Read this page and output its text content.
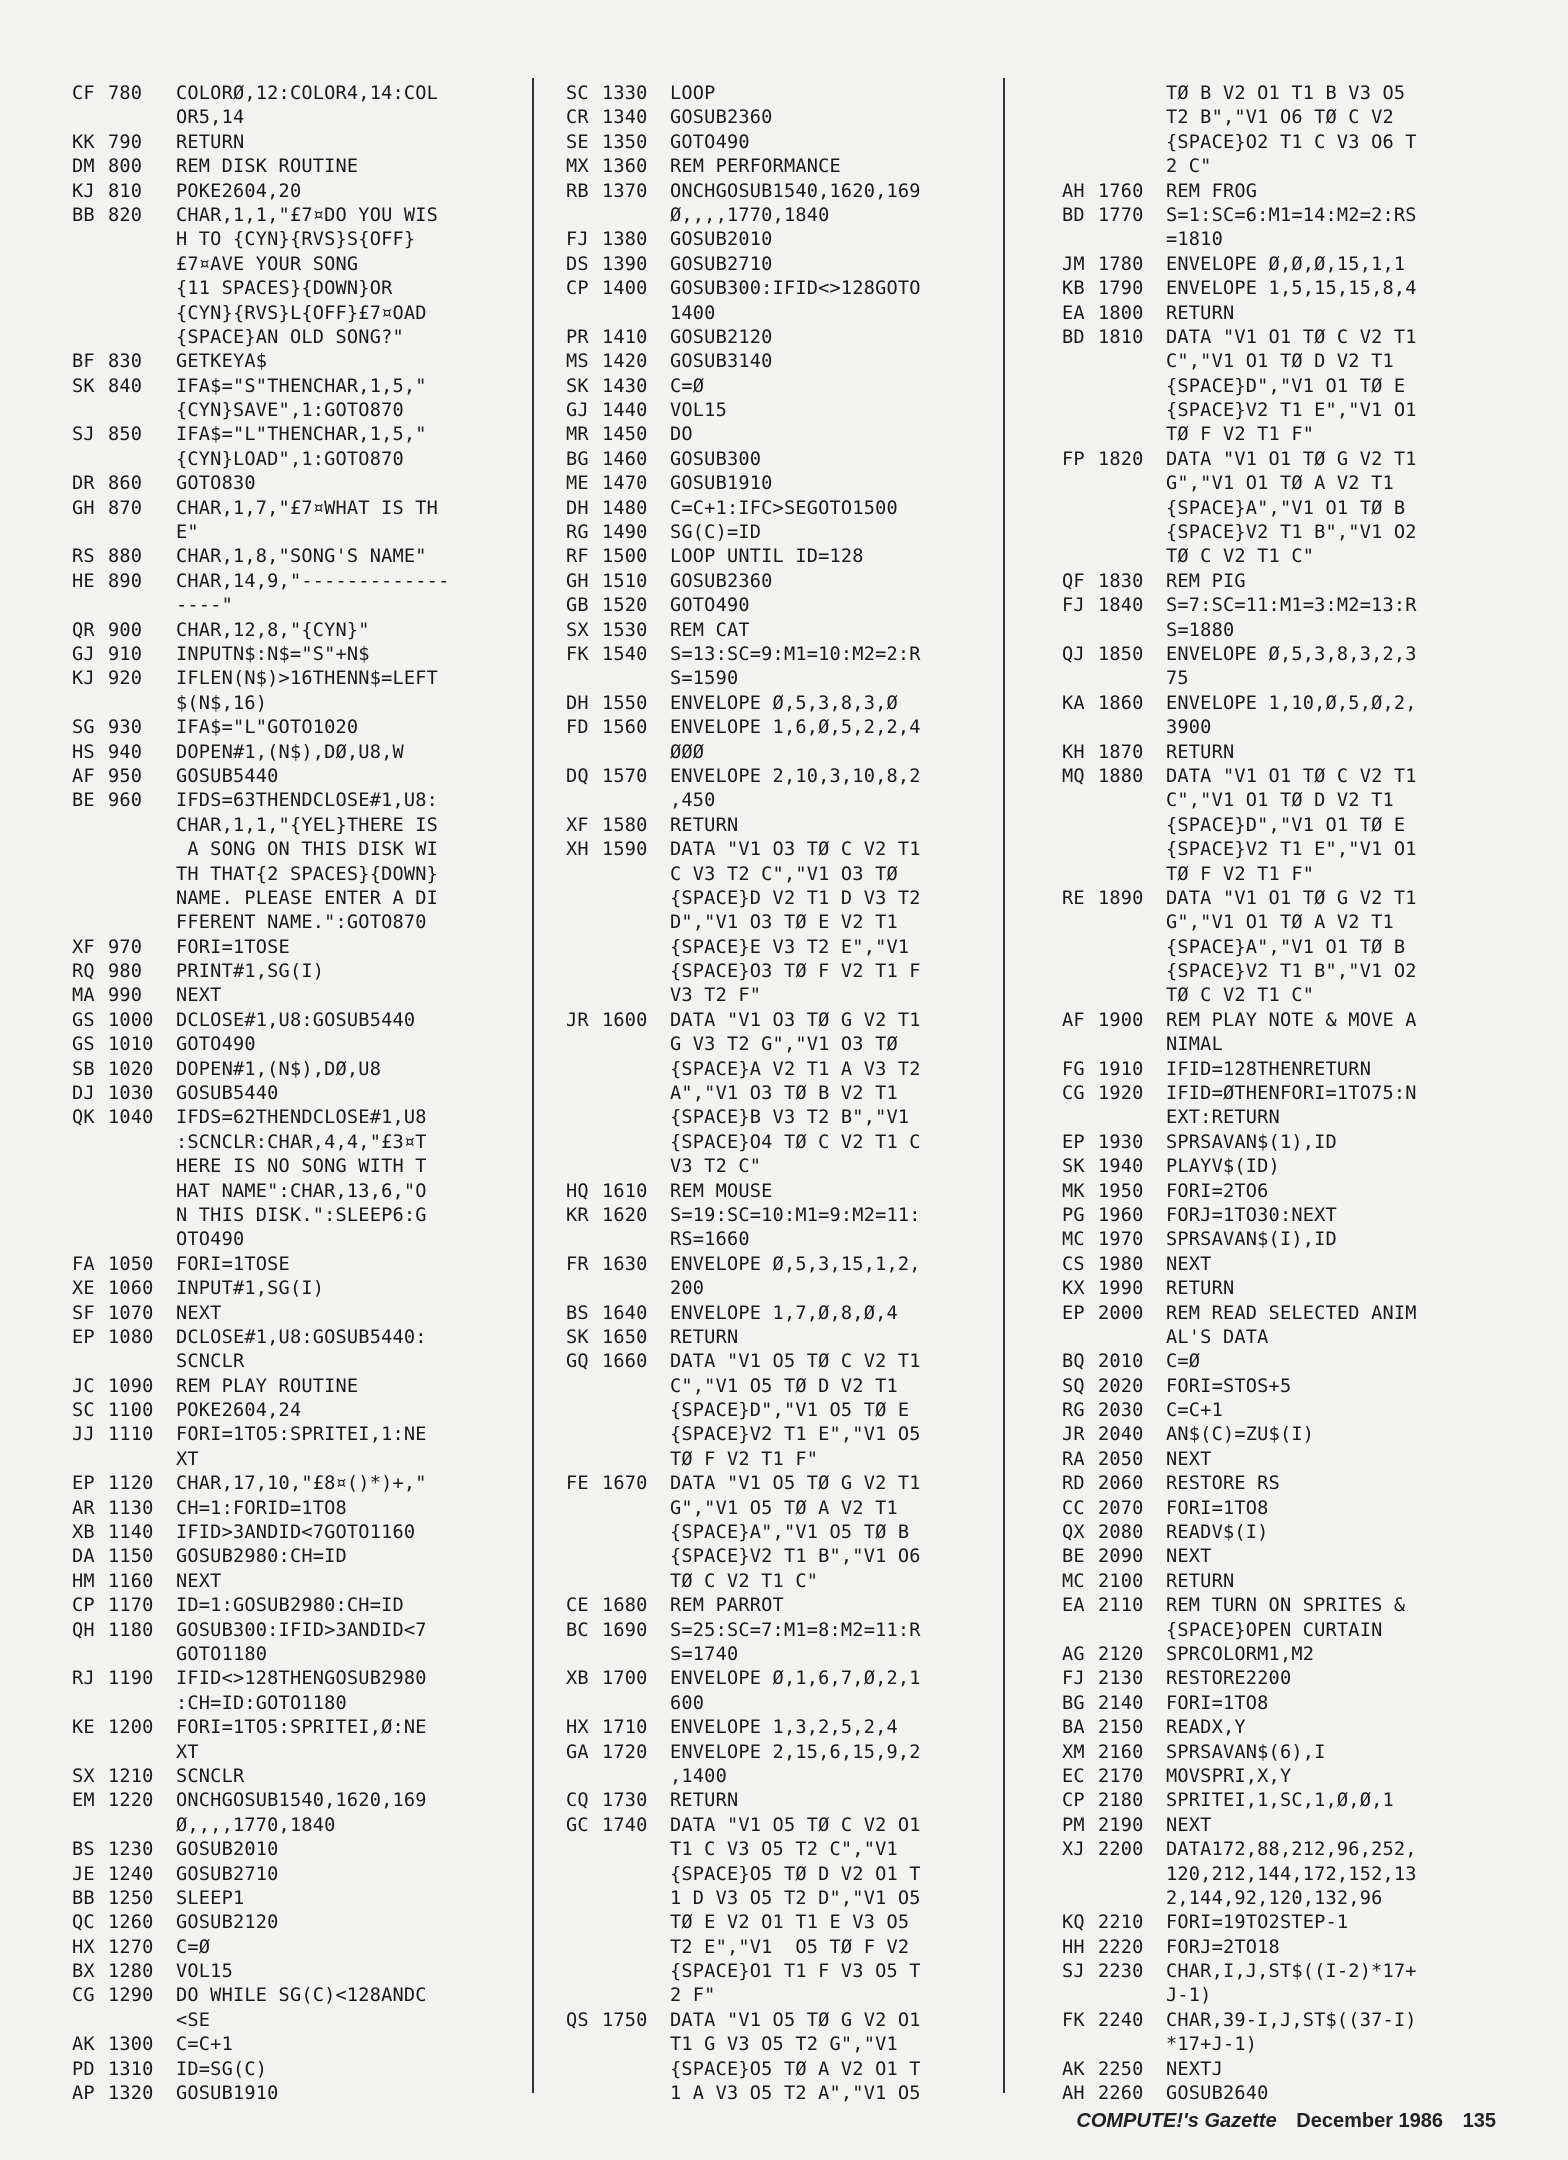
CF 780	COLORØ,12:COLOR4,14:COL
OR5,14
KK 790	RETURN
DM 800	REM DISK ROUTINE
KJ 810	POKE2604,20
BB 820	CHAR,1,1,"£7¤DO YOU WIS
H TO {CYN}{RVS}S{OFF}
£7¤AVE YOUR SONG
{11 SPACES}{DOWN}OR
{CYN}{RVS}L{OFF}£7¤OAD
{SPACE}AN OLD SONG?"
BF 830	GETKEYA$
SK 840	IFA$="S"THENCHAR,1,5,"
{CYN}SAVE",1:GOTO870
SJ 850	IFA$="L"THENCHAR,1,5,"
{CYN}LOAD",1:GOTO870
DR 860	GOTO830
GH 870	CHAR,1,7,"£7¤WHAT IS TH
E"
RS 880	CHAR,1,8,"SONG'S NAME"
HE 890	CHAR,14,9,"-------------
----"
QR 900	CHAR,12,8,"{CYN}"
GJ 910	INPUTN$:N$="S"+N$
KJ 920	IFLEN(N$)>16THENN$=LEFT
$(N$,16)
SG 930	IFA$="L"GOTO1020
HS 940	DOPEN#1,(N$),DØ,U8,W
AF 950	GOSUB5440
BE 960	IFDS=63THENDCLOSE#1,U8:
CHAR,1,1,"{YEL}THERE IS
A SONG ON THIS DISK WI
TH THAT{2 SPACES}{DOWN}
NAME. PLEASE ENTER A DI
FFERENT NAME.":GOTO870
XF 970	FORI=1TOSE
RQ 980	PRINT#1,SG(I)
MA 990	NEXT
GS 1000	DCLOSE#1,U8:GOSUB5440
GS 1010	GOTO490
SB 1020	DOPEN#1,(N$),DØ,U8
DJ 1030	GOSUB5440
QK 1040	IFDS=62THENDCLOSE#1,U8
:SCNCLR:CHAR,4,4,"£3¤T
HERE IS NO SONG WITH T
HAT NAME":CHAR,13,6,"O
N THIS DISK.":SLEEP6:G
OTO490
FA 1050	FORI=1TOSE
XE 1060	INPUT#1,SG(I)
SF 1070	NEXT
EP 1080	DCLOSE#1,U8:GOSUB5440:
SCNCLR
JC 1090	REM PLAY ROUTINE
SC 1100	POKE2604,24
JJ 1110	FORI=1TO5:SPRITEI,1:NE
XT
EP 1120	CHAR,17,10,"£8¤()*)+,"
AR 1130	CH=1:FORID=1TO8
XB 1140	IFID>3ANDID<7GOTO1160
DA 1150	GOSUB2980:CH=ID
HM 1160	NEXT
CP 1170	ID=1:GOSUB2980:CH=ID
QH 1180	GOSUB300:IFID>3ANDID<7
GOTO1180
RJ 1190	IFID<>128THENGOSUB2980
:CH=ID:GOTO1180
KE 1200	FORI=1TO5:SPRITEI,Ø:NE
XT
SX 1210	SCNCLR
EM 1220	ONCHGOSUB1540,1620,169
Ø,,,,1770,1840
BS 1230	GOSUB2010
JE 1240	GOSUB2710
BB 1250	SLEEP1
QC 1260	GOSUB2120
HX 1270	C=Ø
BX 1280	VOL15
CG 1290	DO WHILE SG(C)<128ANDC
<SE
AK 1300	C=C+1
PD 1310	ID=SG(C)
AP 1320	GOSUB1910
SC 1330	LOOP
CR 1340	GOSUB2360
SE 1350	GOTO490
MX 1360	REM PERFORMANCE
RB 1370	ONCHGOSUB1540,1620,169
Ø,,,,1770,1840
FJ 1380	GOSUB2010
DS 1390	GOSUB2710
CP 1400	GOSUB300:IFID<>128GOTO
1400
PR 1410	GOSUB2120
MS 1420	GOSUB3140
SK 1430	C=Ø
GJ 1440	VOL15
MR 1450	DO
BG 1460	GOSUB300
ME 1470	GOSUB1910
DH 1480	C=C+1:IFC>SEGOTO1500
RG 1490	SG(C)=ID
RF 1500	LOOP UNTIL ID=128
GH 1510	GOSUB2360
GB 1520	GOTO490
SX 1530	REM CAT
FK 1540	S=13:SC=9:M1=10:M2=2:R
S=1590
DH 1550	ENVELOPE Ø,5,3,8,3,Ø
FD 1560	ENVELOPE 1,6,Ø,5,2,2,4
ØØØ
DQ 1570	ENVELOPE 2,10,3,10,8,2
,450
XF 1580	RETURN
XH 1590	DATA "V1 O3 TØ C V2 T1
C V3 T2 C","V1 O3 TØ
{SPACE}D V2 T1 D V3 T2
D","V1 O3 TØ E V2 T1
{SPACE}E V3 T2 E","V1
{SPACE}O3 TØ F V2 T1 F
V3 T2 F"
JR 1600	DATA "V1 O3 TØ G V2 T1
G V3 T2 G","V1 O3 TØ
{SPACE}A V2 T1 A V3 T2
A","V1 O3 TØ B V2 T1
{SPACE}B V3 T2 B","V1
{SPACE}O4 TØ C V2 T1 C
V3 T2 C"
HQ 1610	REM MOUSE
KR 1620	S=19:SC=10:M1=9:M2=11:
RS=1660
FR 1630	ENVELOPE Ø,5,3,15,1,2,
200
BS 1640	ENVELOPE 1,7,Ø,8,Ø,4
SK 1650	RETURN
GQ 1660	DATA "V1 O5 TØ C V2 T1
C","V1 O5 TØ D V2 T1
{SPACE}D","V1 O5 TØ E
{SPACE}V2 T1 E","V1 O5
TØ F V2 T1 F"
FE 1670	DATA "V1 O5 TØ G V2 T1
G","V1 O5 TØ A V2 T1
{SPACE}A","V1 O5 TØ B
{SPACE}V2 T1 B","V1 O6
TØ C V2 T1 C"
CE 1680	REM PARROT
BC 1690	S=25:SC=7:M1=8:M2=11:R
S=1740
XB 1700	ENVELOPE Ø,1,6,7,Ø,2,1
600
HX 1710	ENVELOPE 1,3,2,5,2,4
GA 1720	ENVELOPE 2,15,6,15,9,2
,1400
CQ 1730	RETURN
GC 1740	DATA "V1 O5 TØ C V2 O1
T1 C V3 O5 T2 C","V1
{SPACE}O5 TØ D V2 O1 T
1 D V3 O5 T2 D","V1 O5
TØ E V2 O1 T1 E V3 O5
T2 E","V1  O5 TØ F V2
{SPACE}O1 T1 F V3 O5 T
2 F"
QS 1750	DATA "V1 O5 TØ G V2 O1
T1 G V3 O5 T2 G","V1
{SPACE}O5 TØ A V2 O1 T
1 A V3 O5 T2 A","V1 O5
TØ B V2 O1 T1 B V3 O5
T2 B","V1 O6 TØ C V2
{SPACE}O2 T1 C V3 O6 T
2 C"
AH 1760	REM FROG
BD 1770	S=1:SC=6:M1=14:M2=2:RS
=1810
JM 1780	ENVELOPE Ø,Ø,Ø,15,1,1
KB 1790	ENVELOPE 1,5,15,15,8,4
EA 1800	RETURN
BD 1810	DATA "V1 O1 TØ C V2 T1
C","V1 O1 TØ D V2 T1
{SPACE}D","V1 O1 TØ E
{SPACE}V2 T1 E","V1 O1
TØ F V2 T1 F"
FP 1820	DATA "V1 O1 TØ G V2 T1
G","V1 O1 TØ A V2 T1
{SPACE}A","V1 O1 TØ B
{SPACE}V2 T1 B","V1 O2
TØ C V2 T1 C"
QF 1830	REM PIG
FJ 1840	S=7:SC=11:M1=3:M2=13:R
S=1880
QJ 1850	ENVELOPE Ø,5,3,8,3,2,3
75
KA 1860	ENVELOPE 1,10,Ø,5,Ø,2,
3900
KH 1870	RETURN
MQ 1880	DATA "V1 O1 TØ C V2 T1
C","V1 O1 TØ D V2 T1
{SPACE}D","V1 O1 TØ E
{SPACE}V2 T1 E","V1 O1
TØ F V2 T1 F"
RE 1890	DATA "V1 O1 TØ G V2 T1
G","V1 O1 TØ A V2 T1
{SPACE}A","V1 O1 TØ B
{SPACE}V2 T1 B","V1 O2
TØ C V2 T1 C"
AF 1900	REM PLAY NOTE & MOVE A
NIMAL
FG 1910	IFID=128THENRETURN
CG 1920	IFID=ØTHENFORI=1TO75:N
EXT:RETURN
EP 1930	SPRSAVAN$(1),ID
SK 1940	PLAYV$(ID)
MK 1950	FORI=2TO6
PG 1960	FORJ=1TO30:NEXT
MC 1970	SPRSAVAN$(I),ID
CS 1980	NEXT
KX 1990	RETURN
EP 2000	REM READ SELECTED ANIM
AL'S DATA
BQ 2010	C=Ø
SQ 2020	FORI=STOS+5
RG 2030	C=C+1
JR 2040	AN$(C)=ZU$(I)
RA 2050	NEXT
RD 2060	RESTORE RS
CC 2070	FORI=1TO8
QX 2080	READV$(I)
BE 2090	NEXT
MC 2100	RETURN
EA 2110	REM TURN ON SPRITES &
{SPACE}OPEN CURTAIN
AG 2120	SPRCOLORM1,M2
FJ 2130	RESTORE2200
BG 2140	FORI=1TO8
BA 2150	READX,Y
XM 2160	SPRSAVAN$(6),I
EC 2170	MOVSPRI,X,Y
CP 2180	SPRITEI,1,SC,1,Ø,Ø,1
PM 2190	NEXT
XJ 2200	DATA172,88,212,96,252,
120,212,144,172,152,13
2,144,92,120,132,96
KQ 2210	FORI=19TO2STEP-1
HH 2220	FORJ=2TO18
SJ 2230	CHAR,I,J,ST$((I-2)*17+
J-1)
FK 2240	CHAR,39-I,J,ST$((37-I)
*17+J-1)
AK 2250	NEXTJ
AH 2260	GOSUB2640
COMPUTE!'s Gazette December 1986 135
